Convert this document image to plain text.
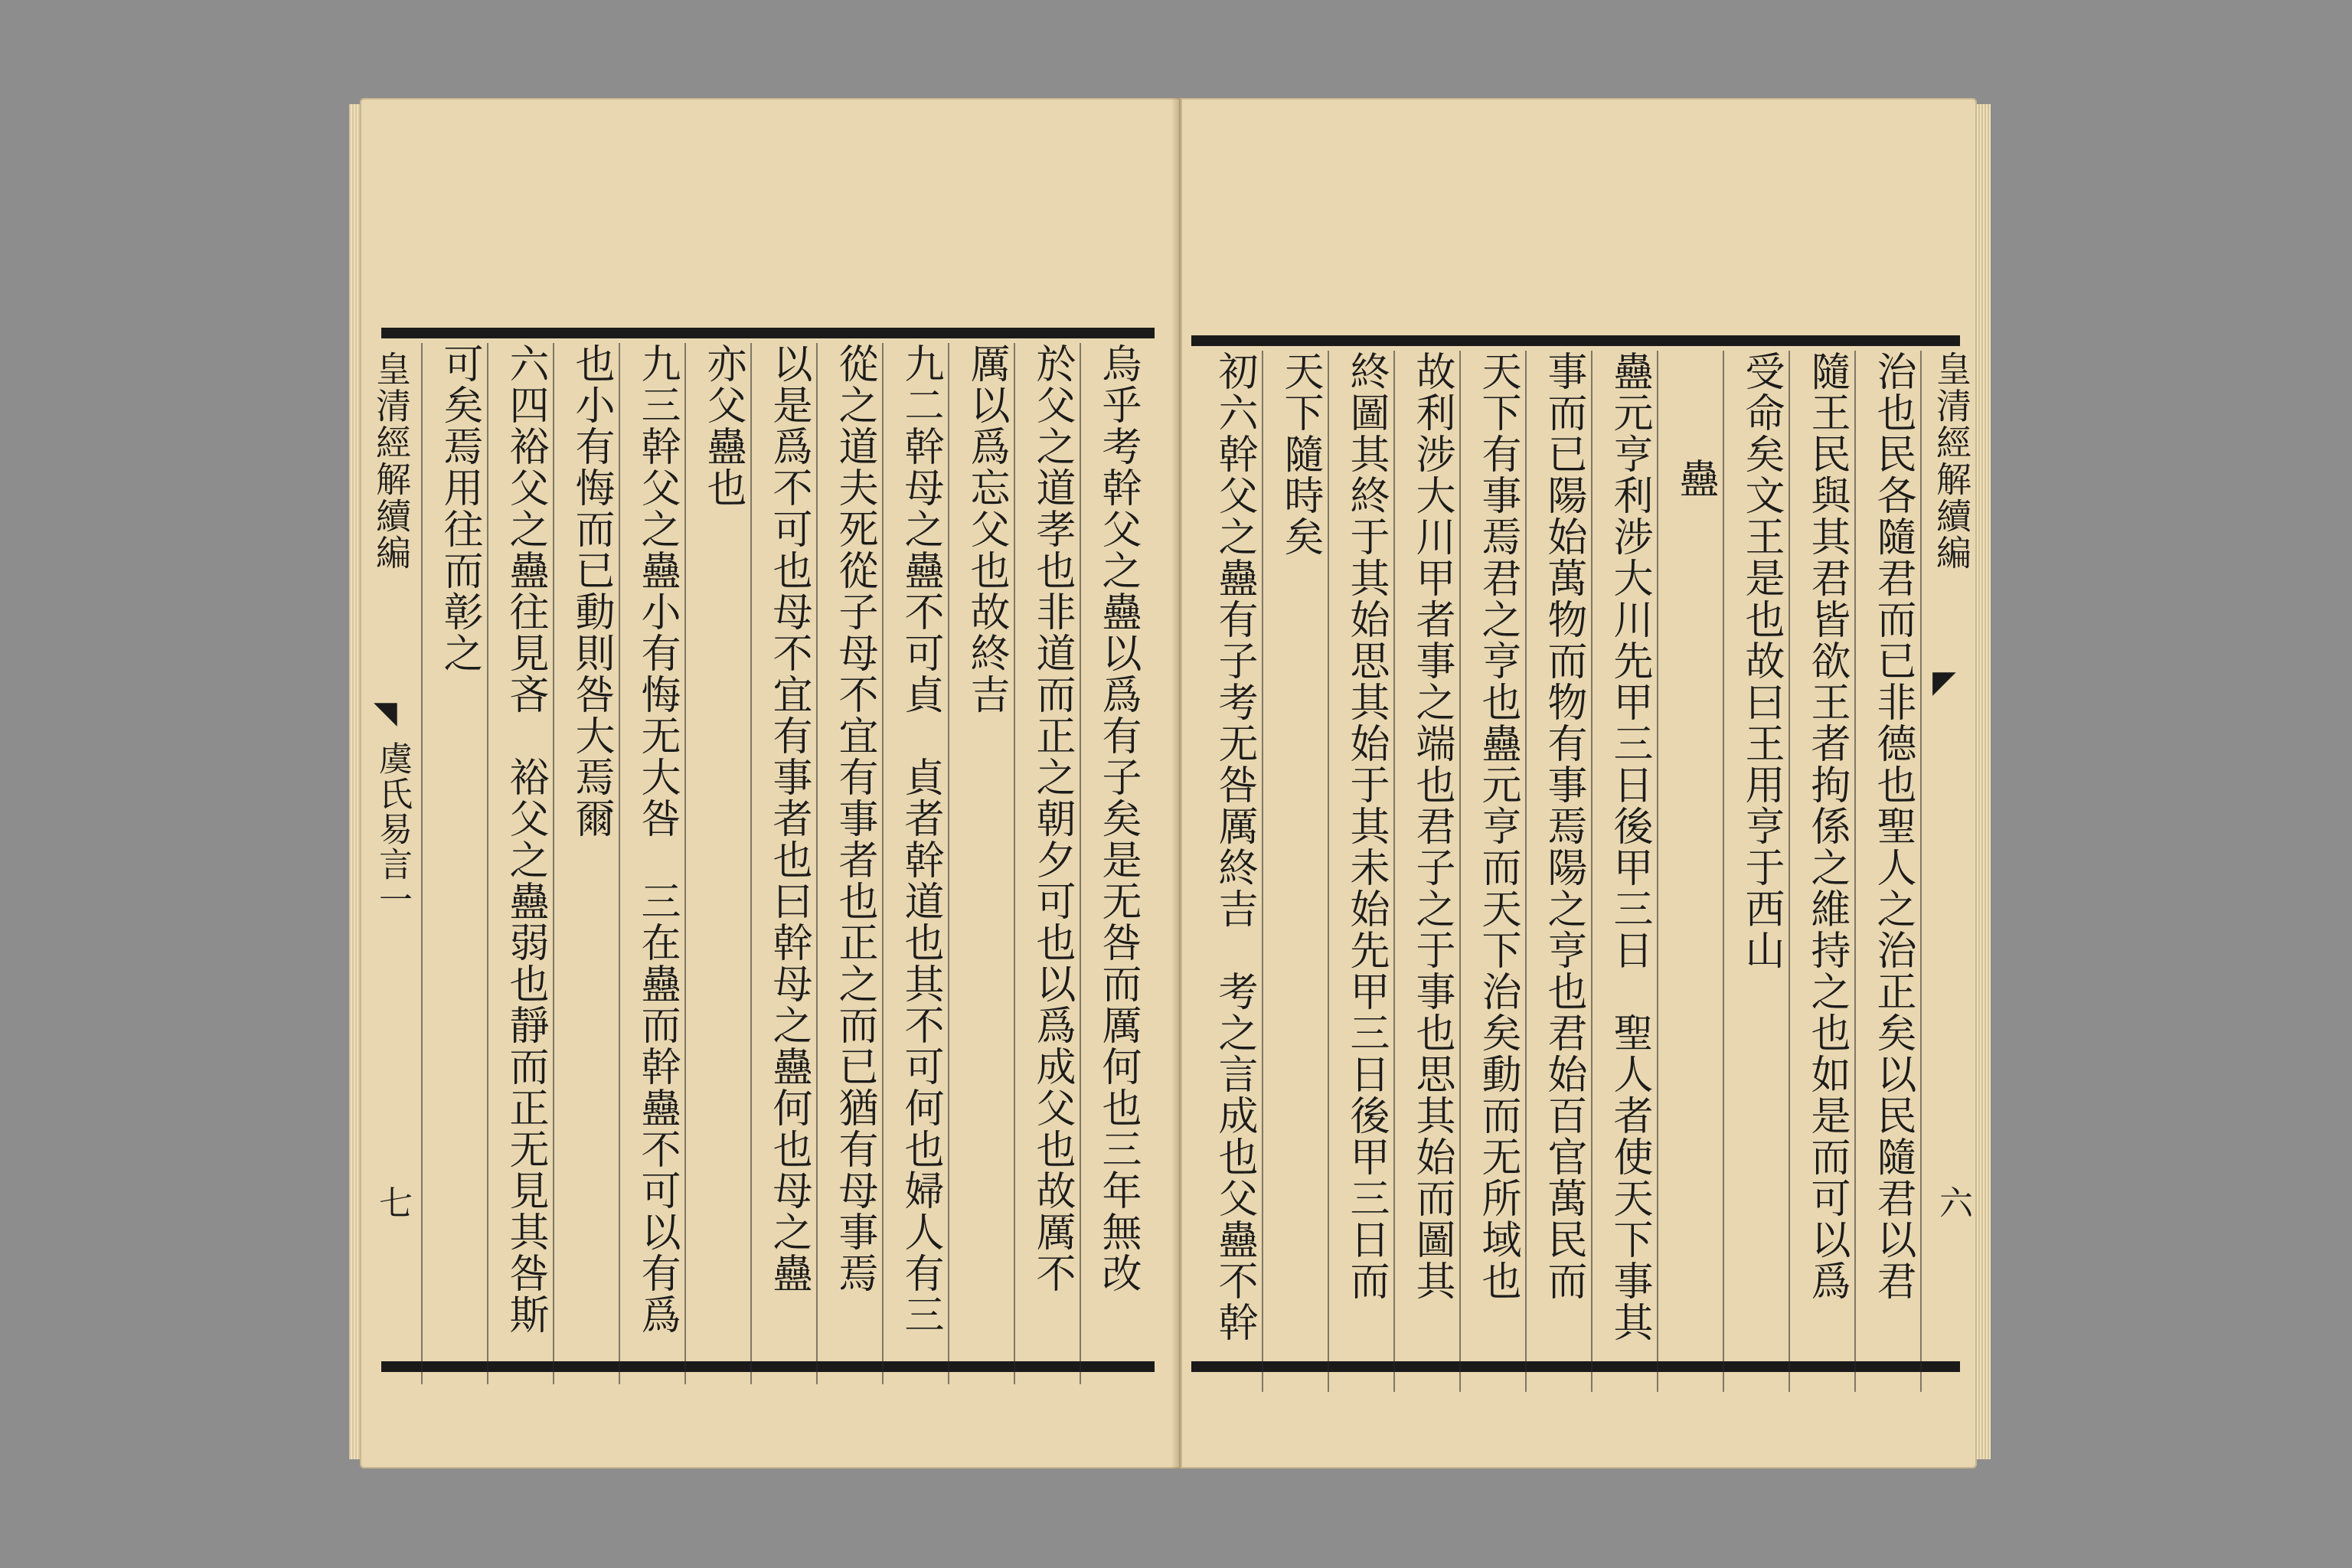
皇清經解續編
◥
虞氏易言一
七	烏乎考幹父之蠱以爲有子矣是无咎而厲何也三年無改
於父之道孝也非道而正之朝夕可也以爲成父也故厲不
厲以爲忘父也故終吉
九二幹母之蠱不可貞　貞者幹道也其不可何也婦人有三
從之道夫死從子母不宜有事者也正之而已猶有母事焉
以是爲不可也母不宜有事者也曰幹母之蠱何也母之蠱
亦父蠱也
九三幹父之蠱小有悔无大咎　三在蠱而幹蠱不可以有爲
也小有悔而已動則咎大焉爾
六四裕父之蠱往見吝　裕父之蠱弱也靜而正无見其咎斯
可矣焉用往而彰之	治也民各隨君而已非德也聖人之治正矣以民隨君以君
隨王民與其君皆欲王者拘係之維持之也如是而可以爲
受命矣文王是也故曰王用亨于西山
蠱
蠱元亨利涉大川先甲三日後甲三日　聖人者使天下事其
事而已陽始萬物而物有事焉陽之亨也君始百官萬民而
天下有事焉君之亨也蠱元亨而天下治矣動而无所域也
故利涉大川甲者事之端也君子之于事也思其始而圖其
終圖其終于其始思其始于其未始先甲三日後甲三日而
天下隨時矣
初六幹父之蠱有子考无咎厲終吉　考之言成也父蠱不幹	皇清經解續編
◤
六
